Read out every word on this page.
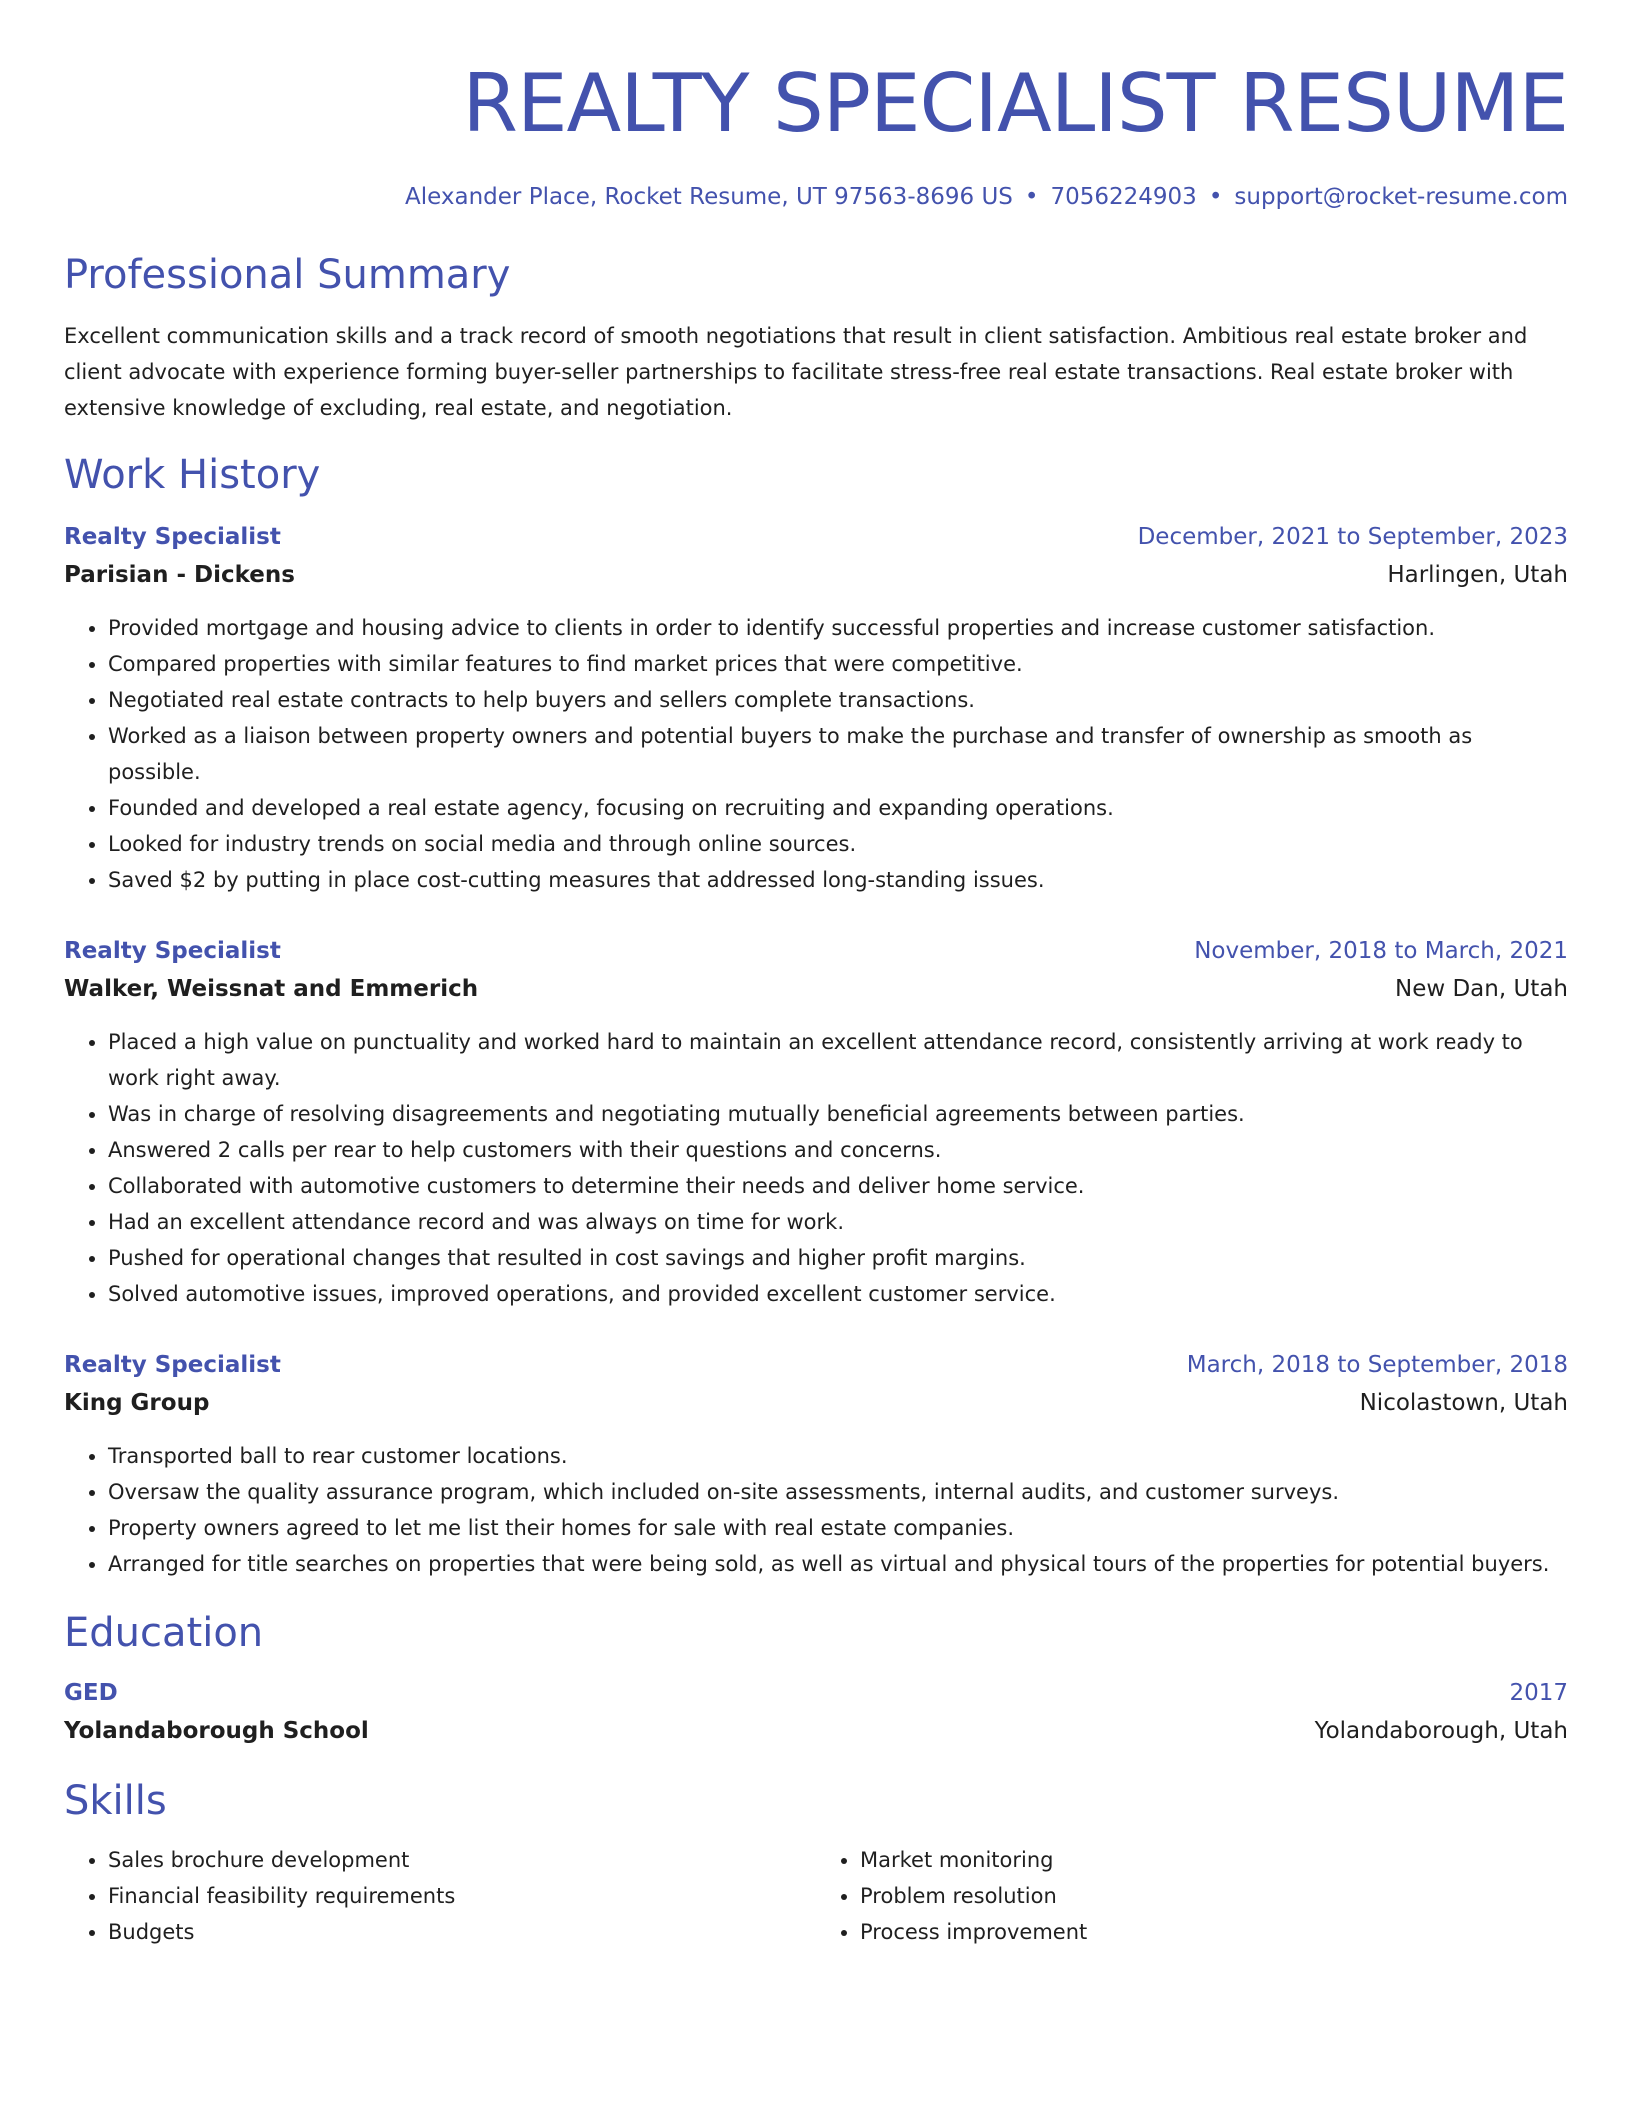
REALTY SPECIALIST RESUME
Alexander Place, Rocket Resume, UT 97563-8696 US • 7056224903 • support@rocket-resume.com
Professional Summary
Excellent communication skills and a track record of smooth negotiations that result in client satisfaction. Ambitious real estate broker and client advocate with experience forming buyer-seller partnerships to facilitate stress-free real estate transactions. Real estate broker with extensive knowledge of excluding, real estate, and negotiation.
Work History
Realty Specialist	December, 2021 to September, 2023
Parisian - Dickens	Harlingen, Utah
• Provided mortgage and housing advice to clients in order to identify successful properties and increase customer satisfaction.
• Compared properties with similar features to find market prices that were competitive.
• Negotiated real estate contracts to help buyers and sellers complete transactions.
• Worked as a liaison between property owners and potential buyers to make the purchase and transfer of ownership as smooth as possible.
• Founded and developed a real estate agency, focusing on recruiting and expanding operations.
• Looked for industry trends on social media and through online sources.
• Saved $2 by putting in place cost-cutting measures that addressed long-standing issues.
Realty Specialist	November, 2018 to March, 2021
Walker, Weissnat and Emmerich	New Dan, Utah
• Placed a high value on punctuality and worked hard to maintain an excellent attendance record, consistently arriving at work ready to work right away.
• Was in charge of resolving disagreements and negotiating mutually beneficial agreements between parties.
• Answered 2 calls per rear to help customers with their questions and concerns.
• Collaborated with automotive customers to determine their needs and deliver home service.
• Had an excellent attendance record and was always on time for work.
• Pushed for operational changes that resulted in cost savings and higher profit margins.
• Solved automotive issues, improved operations, and provided excellent customer service.
Realty Specialist	March, 2018 to September, 2018
King Group	Nicolastown, Utah
• Transported ball to rear customer locations.
• Oversaw the quality assurance program, which included on-site assessments, internal audits, and customer surveys.
• Property owners agreed to let me list their homes for sale with real estate companies.
• Arranged for title searches on properties that were being sold, as well as virtual and physical tours of the properties for potential buyers.
Education
GED	2017
Yolandaborough School	Yolandaborough, Utah
Skills
• Sales brochure development
• Financial feasibility requirements
• Budgets
• Market monitoring
• Problem resolution
• Process improvement
